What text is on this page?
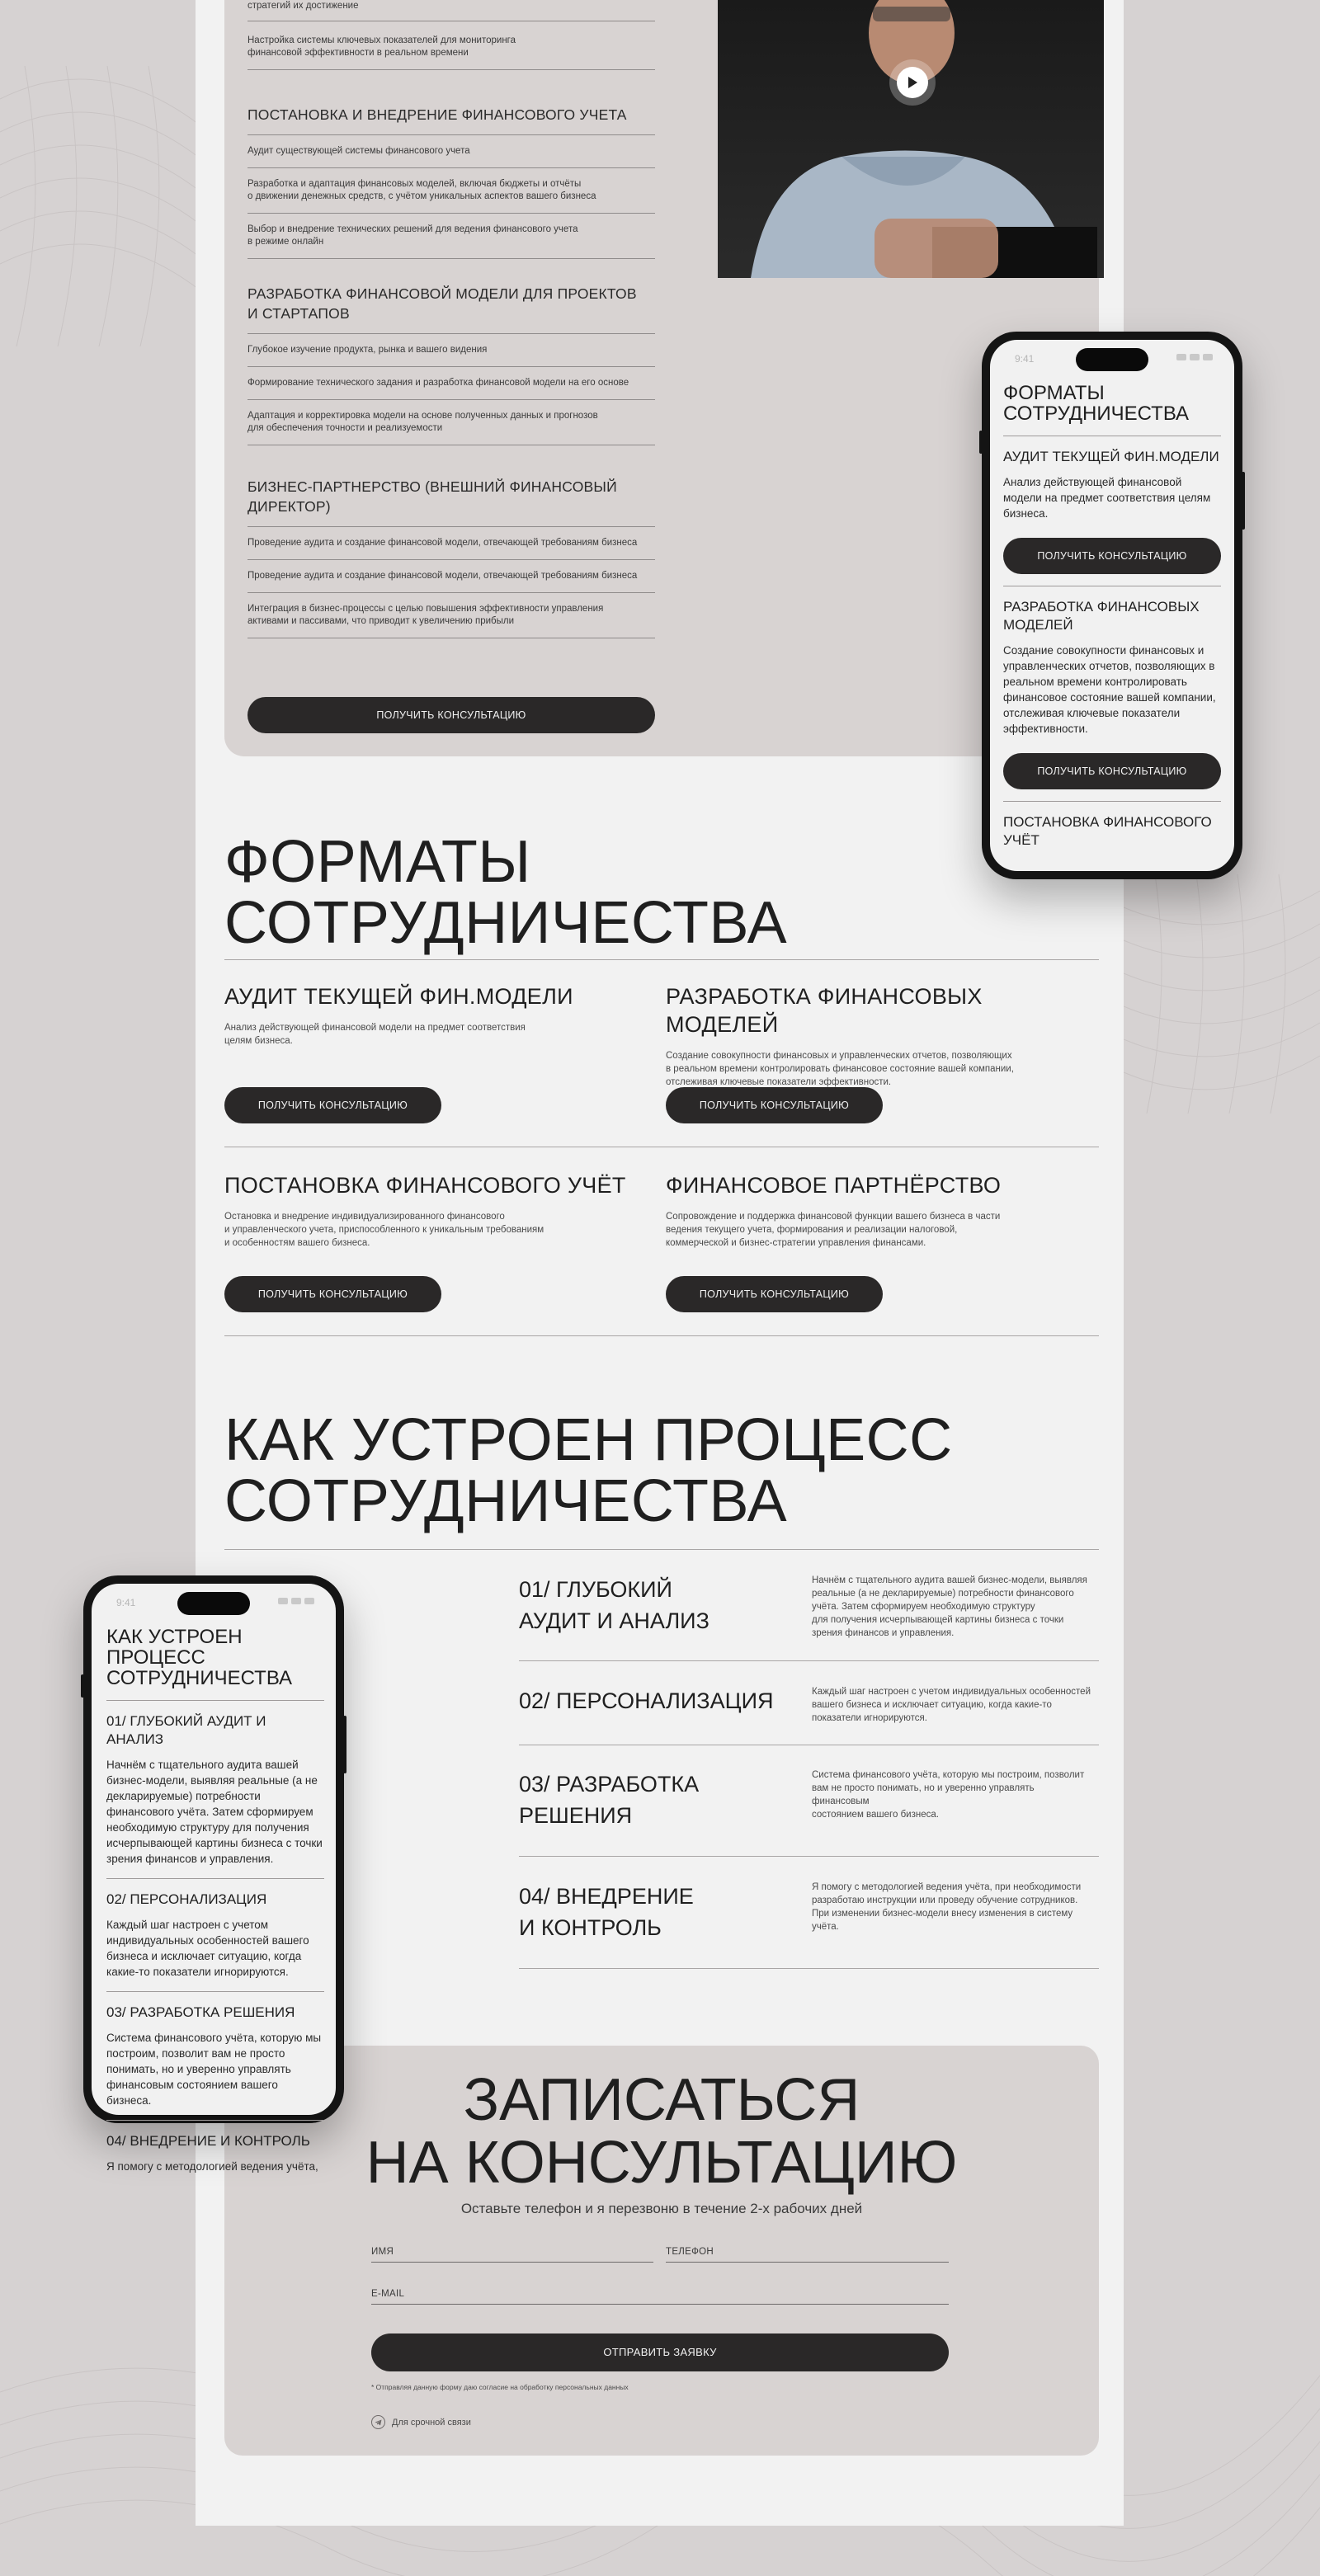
стратегий их достижение
Настройка системы ключевых показателей для мониторинга
финансовой эффективности в реальном времени
ПОСТАНОВКА И ВНЕДРЕНИЕ ФИНАНСОВОГО УЧЕТА
Аудит существующей системы финансового учета
Разработка и адаптация финансовых моделей, включая бюджеты и отчёты
о движении денежных средств, с учётом уникальных аспектов вашего бизнеса
Выбор и внедрение технических решений для ведения финансового учета
в режиме онлайн
РАЗРАБОТКА ФИНАНСОВОЙ МОДЕЛИ ДЛЯ ПРОЕКТОВ
И СТАРТАПОВ
Глубокое изучение продукта, рынка и вашего видения
Формирование технического задания и разработка финансовой модели на его основе
Адаптация и корректировка модели на основе полученных данных и прогнозов
для обеспечения точности и реализуемости
БИЗНЕС-ПАРТНЕРСТВО (ВНЕШНИЙ ФИНАНСОВЫЙ ДИРЕКТОР)
Проведение аудита и создание финансовой модели, отвечающей требованиям бизнеса
Проведение аудита и создание финансовой модели, отвечающей требованиям бизнеса
Интеграция в бизнес-процессы с целью повышения эффективности управления
активами и пассивами, что приводит к увеличению прибыли
ПОЛУЧИТЬ КОНСУЛЬТАЦИЮ
ФОРМАТЫ
СОТРУДНИЧЕСТВА
АУДИТ ТЕКУЩЕЙ ФИН.МОДЕЛИ
Анализ действующей финансовой модели на предмет соответствия
целям бизнеса.
ПОЛУЧИТЬ КОНСУЛЬТАЦИЮ
РАЗРАБОТКА ФИНАНСОВЫХ МОДЕЛЕЙ
Создание совокупности финансовых и управленческих отчетов, позволяющих
в реальном времени контролировать финансовое состояние вашей компании,
отслеживая ключевые показатели эффективности.
ПОЛУЧИТЬ КОНСУЛЬТАЦИЮ
ПОСТАНОВКА ФИНАНСОВОГО УЧЁТ
Остановка и внедрение индивидуализированного финансового
и управленческого учета, приспособленного к уникальным требованиям
и особенностям вашего бизнеса.
ПОЛУЧИТЬ КОНСУЛЬТАЦИЮ
ФИНАНСОВОЕ ПАРТНЁРСТВО
Сопровождение и поддержка финансовой функции вашего бизнеса в части
ведения текущего учета, формирования и реализации налоговой,
коммерческой и бизнес-стратегии управления финансами.
ПОЛУЧИТЬ КОНСУЛЬТАЦИЮ
КАК УСТРОЕН ПРОЦЕСС
СОТРУДНИЧЕСТВА
01/ ГЛУБОКИЙ
АУДИТ И АНАЛИЗ
Начнём с тщательного аудита вашей бизнес-модели, выявляя
реальные (а не декларируемые) потребности финансового
учёта. Затем сформируем необходимую структуру
для получения исчерпывающей картины бизнеса с точки
зрения финансов и управления.
02/ ПЕРСОНАЛИЗАЦИЯ	Каждый шаг настроен с учетом индивидуальных особенностей
вашего бизнеса и исключает ситуацию, когда какие-то
показатели игнорируются.
03/ РАЗРАБОТКА
РЕШЕНИЯ
Система финансового учёта, которую мы построим, позволит
вам не просто понимать, но и уверенно управлять финансовым
состоянием вашего бизнеса.
04/ ВНЕДРЕНИЕ
И КОНТРОЛЬ
Я помогу с методологией ведения учёта, при необходимости
разработаю инструкции или проведу обучение сотрудников.
При изменении бизнес-модели внесу изменения в систему
учёта.
ЗАПИСАТЬСЯ
НА КОНСУЛЬТАЦИЮ
Оставьте телефон и я перезвоню в течение 2-х рабочих дней
ИМЯ	ТЕЛЕФОН
E-MAIL
ОТПРАВИТЬ ЗАЯВКУ
* Отправляя данную форму даю согласие на обработку персональных данных
Для срочной связи
9:41
ФОРМАТЫ
СОТРУДНИЧЕСТВА
АУДИТ ТЕКУЩЕЙ ФИН.МОДЕЛИ
Анализ действующей финансовой модели на предмет соответствия целям бизнеса.
ПОЛУЧИТЬ КОНСУЛЬТАЦИЮ
РАЗРАБОТКА ФИНАНСОВЫХ МОДЕЛЕЙ
Создание совокупности финансовых и управленческих отчетов, позволяющих в реальном времени контролировать финансовое состояние вашей компании, отслеживая ключевые показатели эффективности.
ПОЛУЧИТЬ КОНСУЛЬТАЦИЮ
ПОСТАНОВКА ФИНАНСОВОГО УЧЁТ
9:41
КАК УСТРОЕН ПРОЦЕСС
СОТРУДНИЧЕСТВА
01/ ГЛУБОКИЙ АУДИТ И АНАЛИЗ
Начнём с тщательного аудита вашей бизнес-модели, выявляя реальные (а не декларируемые) потребности финансового учёта. Затем сформируем необходимую структуру для получения исчерпывающей картины бизнеса с точки зрения финансов и управления.
02/ ПЕРСОНАЛИЗАЦИЯ
Каждый шаг настроен с учетом индивидуальных особенностей вашего бизнеса и исключает ситуацию, когда какие-то показатели игнорируются.
03/ РАЗРАБОТКА РЕШЕНИЯ
Система финансового учёта, которую мы построим, позволит вам не просто понимать, но и уверенно управлять финансовым состоянием вашего бизнеса.
04/ ВНЕДРЕНИЕ И КОНТРОЛЬ
Я помогу с методологией ведения учёта,
